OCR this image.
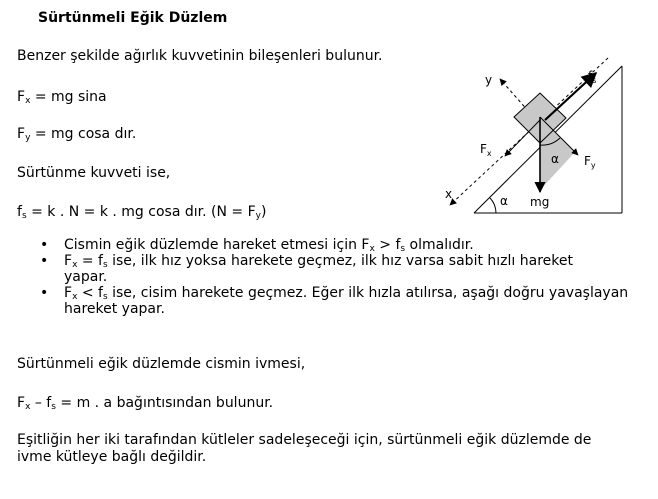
Sürtünmeli Eğik Düzlem
Benzer şekilde ağırlık kuvvetinin bileşenleri bulunur.
$F_x$ = mg sina
$F_y$ = mg cosa dır.
Sürtünme kuvveti ise,
$f_s = k$ . N = k . mg cosa dır. $(N = F_y)$
• Cismin eğik düzlemde hareket etmesi için $F_x > f_s$ olmalıdır.
• $F_x = f_s$ ise, ilk hız yoksa harekete geçmez, ilk hız varsa sabit hızlı hareket yapar.
• $F_x < f_s$ ise, cisim harekete geçmez. Eğer ilk hızla atılırsa, aşağı doğru yavaşlayan hareket yapar.
Sürtünmeli eğik düzlemde cismin ivmesi,
$F_x - f_s = m$ . a bağıntısından bulunur.
Eşitliğin her iki tarafından kütleler sadeleşeceği için, sürtünmeli eğik düzlemde de ivme kütleye bağlı değildir.
y
x
$f_s$
$F_x$
$F_y$
mg
α
α
